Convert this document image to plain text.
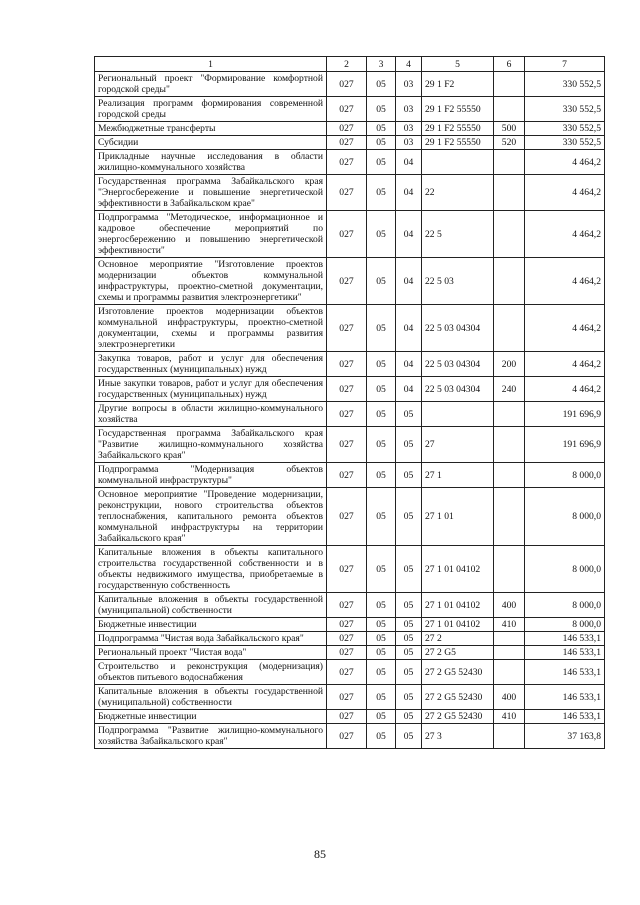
1	2	3	4	5	6	7
Региональный проект "Формирование комфортной городской среды"	027	05	03	29 1 F2		330 552,5
Реализация программ формирования современной городской среды	027	05	03	29 1 F2 55550		330 552,5
Межбюджетные трансферты	027	05	03	29 1 F2 55550	500	330 552,5
Субсидии	027	05	03	29 1 F2 55550	520	330 552,5
Прикладные научные исследования в области жилищно-коммунального хозяйства	027	05	04			4 464,2
Государственная программа Забайкальского края "Энергосбережение и повышение энергетической эффективности в Забайкальском крае"	027	05	04	22		4 464,2
Подпрограмма "Методическое, информационное и кадровое обеспечение мероприятий по энергосбережению и повышению энергетической эффективности"	027	05	04	22 5		4 464,2
Основное мероприятие "Изготовление проектов модернизации объектов коммунальной инфраструктуры, проектно-сметной документации, схемы и программы развития электроэнергетики"	027	05	04	22 5 03		4 464,2
Изготовление проектов модернизации объектов коммунальной инфраструктуры, проектно-сметной документации, схемы и программы развития электроэнергетики	027	05	04	22 5 03 04304		4 464,2
Закупка товаров, работ и услуг для обеспечения государственных (муниципальных) нужд	027	05	04	22 5 03 04304	200	4 464,2
Иные закупки товаров, работ и услуг для обеспечения государственных (муниципальных) нужд	027	05	04	22 5 03 04304	240	4 464,2
Другие вопросы в области жилищно-коммунального хозяйства	027	05	05			191 696,9
Государственная программа Забайкальского края "Развитие жилищно-коммунального хозяйства Забайкальского края"	027	05	05	27		191 696,9
Подпрограмма "Модернизация объектов коммунальной инфраструктуры"	027	05	05	27 1		8 000,0
Основное мероприятие "Проведение модернизации, реконструкции, нового строительства объектов теплоснабжения, капитального ремонта объектов коммунальной инфраструктуры на территории Забайкальского края"	027	05	05	27 1 01		8 000,0
Капитальные вложения в объекты капитального строительства государственной собственности и в объекты недвижимого имущества, приобретаемые в государственную собственность	027	05	05	27 1 01 04102		8 000,0
Капитальные вложения в объекты государственной (муниципальной) собственности	027	05	05	27 1 01 04102	400	8 000,0
Бюджетные инвестиции	027	05	05	27 1 01 04102	410	8 000,0
Подпрограмма "Чистая вода Забайкальского края"	027	05	05	27 2		146 533,1
Региональный проект "Чистая вода"	027	05	05	27 2 G5		146 533,1
Строительство и реконструкция (модернизация) объектов питьевого водоснабжения	027	05	05	27 2 G5 52430		146 533,1
Капитальные вложения в объекты государственной (муниципальной) собственности	027	05	05	27 2 G5 52430	400	146 533,1
Бюджетные инвестиции	027	05	05	27 2 G5 52430	410	146 533,1
Подпрограмма "Развитие жилищно-коммунального хозяйства Забайкальского края"	027	05	05	27 3		37 163,8
85
